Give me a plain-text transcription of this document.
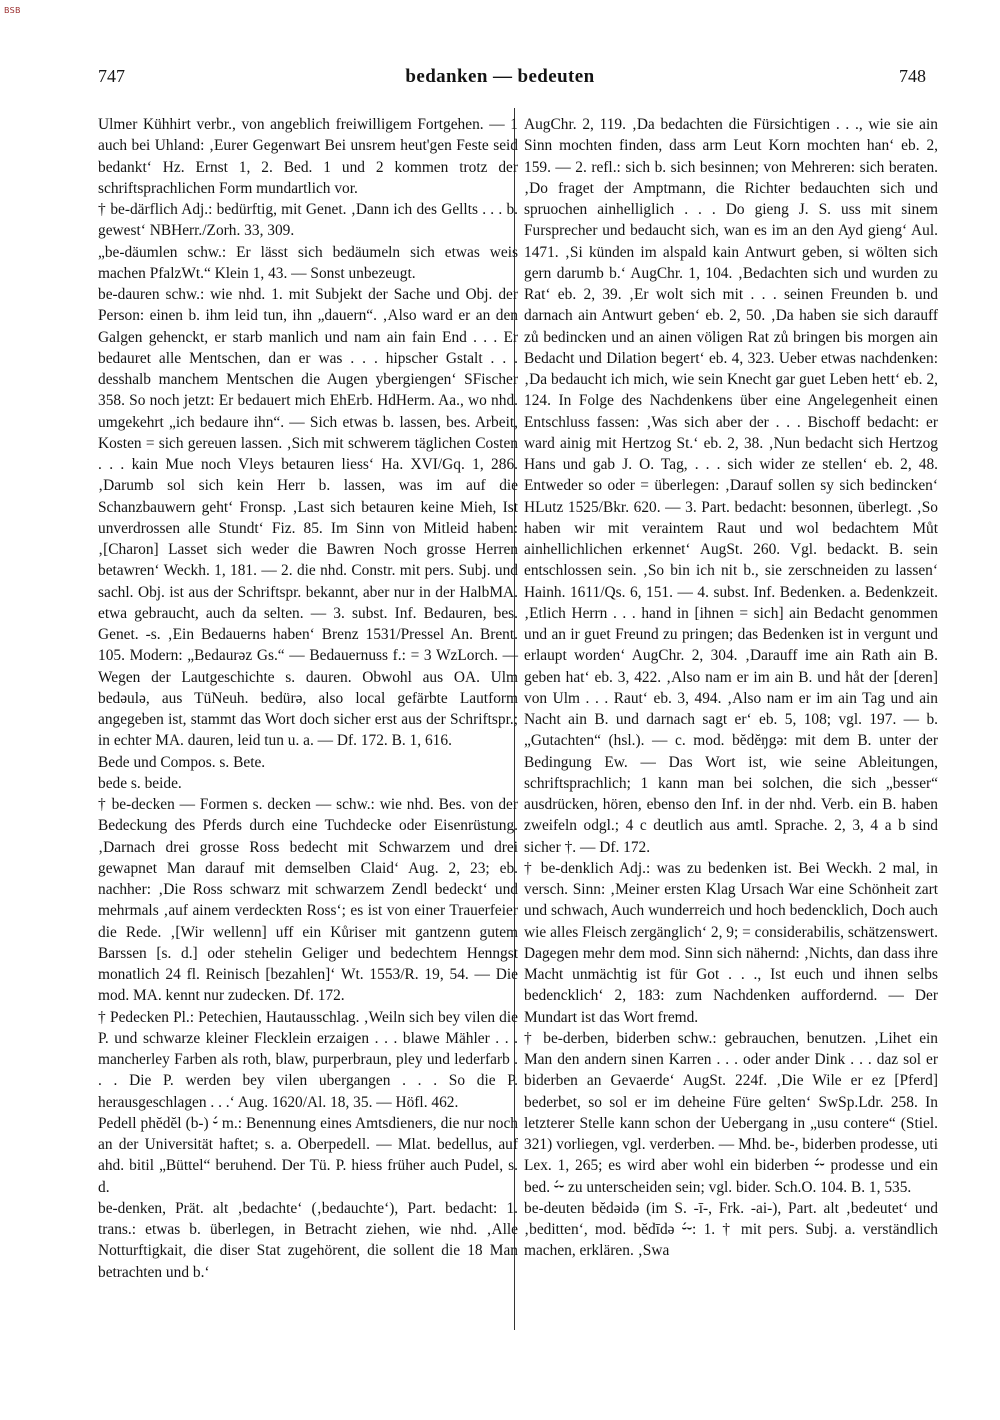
BSB
747	bedanken — bedeuten	748

Ulmer Kühhirt verbr., von angeblich freiwilligem Fortgehen. — 1 auch bei Uhland: ‚Eurer Gegenwart Bei unsrem heut'gen Feste seid bedankt‘ Hz. Ernst 1, 2. Bed. 1 und 2 kommen trotz der schriftsprachlichen Form mundartlich vor.

† be-därflich Adj.: bedürftig, mit Genet. ‚Dann ich des Gellts . . . b. gewest‘ NBHerr./Zorh. 33, 309.

„be-däumlen schw.: Er lässt sich bedäumeln sich etwas weis machen PfalzWt.“ Klein 1, 43. — Sonst unbezeugt.

be-dauren schw.: wie nhd. 1. mit Subjekt der Sache und Obj. der Person: einen b. ihm leid tun, ihn „dauern“. ‚Also ward er an den Galgen gehenckt, er starb manlich und nam ain fain End . . . Er bedauret alle Mentschen, dan er was . . . hipscher Gstalt . . . desshalb manchem Mentschen die Augen ybergiengen‘ SFischer 358. So noch jetzt: Er bedauert mich EhErb. HdHerm. Aa., wo nhd. umgekehrt „ich bedaure ihn“. — Sich etwas b. lassen, bes. Arbeit, Kosten = sich gereuen lassen. ‚Sich mit schwerem täglichen Costen . . . kain Mue noch Vleys betauren liess‘ Ha. XVI/Gq. 1, 286. ‚Darumb sol sich kein Herr b. lassen, was im auf die Schanzbauwern geht‘ Fronsp. ‚Last sich betauren keine Mieh, Ist unverdrossen alle Stundt‘ Fiz. 85. Im Sinn von Mitleid haben: ‚[Charon] Lasset sich weder die Bawren Noch grosse Herren betawren‘ Weckh. 1, 181. — 2. die nhd. Constr. mit pers. Subj. und sachl. Obj. ist aus der Schriftspr. bekannt, aber nur in der HalbMA. etwa gebraucht, auch da selten. — 3. subst. Inf. Bedauren, bes. Genet. -s. ‚Ein Bedauerns haben‘ Brenz 1531/Pressel An. Brent. 105. Modern: „Bedaurəz Gs.“ — Bedauernuss f.: = 3 WzLorch. — Wegen der Lautgeschichte s. dauren. Obwohl aus OA. Ulm bedəulə, aus TüNeuh. bedürə, also local gefärbte Lautform angegeben ist, stammt das Wort doch sicher erst aus der Schriftspr.; in echter MA. dauren, leid tun u. a. — Df. 172. B. 1, 616.

Bede und Compos. s. Bete.

bede s. beide.

† be-decken — Formen s. decken — schw.: wie nhd. Bes. von der Bedeckung des Pferds durch eine Tuchdecke oder Eisenrüstung. ‚Darnach drei grosse Ross bedecht mit Schwarzem und drei gewapnet Man darauf mit demselben Claid‘ Aug. 2, 23; eb. nachher: ‚Die Ross schwarz mit schwarzem Zendl bedeckt‘ und mehrmals ‚auf ainem verdeckten Ross‘; es ist von einer Trauerfeier die Rede. ‚[Wir wellenn] uff ein Kůriser mit gantzenn gutem Barssen [s. d.] oder stehelin Geliger und bedechtem Henngst monatlich 24 fl. Reinisch [bezahlen]‘ Wt. 1553/R. 19, 54. — Die mod. MA. kennt nur zudecken. Df. 172.

† Pedecken Pl.: Petechien, Hautausschlag. ‚Weiln sich bey vilen die P. und schwarze kleiner Flecklein erzaigen . . . blawe Mähler . . . mancherley Farben als roth, blaw, purperbraun, pley und lederfarb . . . Die P. werden bey vilen ubergangen . . . So die P. herausgeschlagen . . .‘ Aug. 1620/Al. 18, 35. — Höfl. 462.

Pedell phĕdĕl (b-) ⏑́ m.: Benennung eines Amtsdieners, die nur noch an der Universität haftet; s. a. Oberpedell. — Mlat. bedellus, auf ahd. bitil „Büttel“ beruhend. Der Tü. P. hiess früher auch Pudel, s. d.

be-denken, Prät. alt ‚bedachte‘ (‚bedauchte‘), Part. bedacht: 1. trans.: etwas b. überlegen, in Betracht ziehen, wie nhd. ‚Alle Notturftigkait, die diser Stat zugehörent, die sollent die 18 Man betrachten und b.‘

AugChr. 2, 119. ‚Da bedachten die Fürsichtigen . . ., wie sie ain Sinn mochten finden, dass arm Leut Korn mochten han‘ eb. 2, 159. — 2. refl.: sich b. sich besinnen; von Mehreren: sich beraten. ‚Do fraget der Amptmann, die Richter bedauchten sich und spruochen ainhelliglich . . . Do gieng J. S. uss mit sinem Fursprecher und bedaucht sich, wan es im an den Ayd gieng‘ Aul. 1471. ‚Si künden im alspald kain Antwurt geben, si wölten sich gern darumb b.‘ AugChr. 1, 104. ‚Bedachten sich und wurden zu Rat‘ eb. 2, 39. ‚Er wolt sich mit . . . seinen Freunden b. und darnach ain Antwurt geben‘ eb. 2, 50. ‚Da haben sie sich darauff zů bedincken und an ainen völigen Rat zů bringen bis morgen ain Bedacht und Dilation begert‘ eb. 4, 323. Ueber etwas nachdenken: ‚Da bedaucht ich mich, wie sein Knecht gar guet Leben hett‘ eb. 2, 124. In Folge des Nachdenkens über eine Angelegenheit einen Entschluss fassen: ‚Was sich aber der . . . Bischoff bedacht: er ward ainig mit Hertzog St.‘ eb. 2, 38. ‚Nun bedacht sich Hertzog Hans und gab J. O. Tag, . . . sich wider ze stellen‘ eb. 2, 48. Entweder so oder = überlegen: ‚Darauf sollen sy sich bedincken‘ HLutz 1525/Bkr. 620. — 3. Part. bedacht: besonnen, überlegt. ‚So haben wir mit veraintem Raut und wol bedachtem Můt ainhellichlichen erkennet‘ AugSt. 260. Vgl. bedackt. B. sein entschlossen sein. ‚So bin ich nit b., sie zerschneiden zu lassen‘ Hainh. 1611/Qs. 6, 151. — 4. subst. Inf. Bedenken. a. Bedenkzeit. ‚Etlich Herrn . . . hand in [ihnen = sich] ain Bedacht genommen und an ir guet Freund zu pringen; das Bedenken ist in vergunt und erlaupt worden‘ AugChr. 2, 304. ‚Darauff ime ain Rath ain B. geben hat‘ eb. 3, 422. ‚Also nam er im ain B. und håt der [deren] von Ulm . . . Raut‘ eb. 3, 494. ‚Also nam er im ain Tag und ain Nacht ain B. und darnach sagt er‘ eb. 5, 108; vgl. 197. — b. „Gutachten“ (hsl.). — c. mod. bĕdĕŋgə: mit dem B. unter der Bedingung Ew. — Das Wort ist, wie seine Ableitungen, schriftsprachlich; 1 kann man bei solchen, die sich „besser“ ausdrücken, hören, ebenso den Inf. in der nhd. Verb. ein B. haben zweifeln odgl.; 4 c deutlich aus amtl. Sprache. 2, 3, 4 a b sind sicher †. — Df. 172.

† be-denklich Adj.: was zu bedenken ist. Bei Weckh. 2 mal, in versch. Sinn: ‚Meiner ersten Klag Ursach War eine Schönheit zart und schwach, Auch wunderreich und hoch bedencklich, Doch auch wie alles Fleisch zergänglich‘ 2, 9; = considerabilis, schätzenswert. Dagegen mehr dem mod. Sinn sich nähernd: ‚Nichts, dan dass ihre Macht unmächtig ist für Got . . ., Ist euch und ihnen selbs bedencklich‘ 2, 183: zum Nachdenken auffordernd. — Der Mundart ist das Wort fremd.

† be-derben, biderben schw.: gebrauchen, benutzen. ‚Lihet ein Man den andern sinen Karren . . . oder ander Dink . . . daz sol er biderben an Gevaerde‘ AugSt. 224f. ‚Die Wile er ez [Pferd] bederbet, so sol er im deheine Füre gelten‘ SwSp.Ldr. 258. In letzterer Stelle kann schon der Uebergang in „usu contere“ (Stiel. 321) vorliegen, vgl. verderben. — Mhd. be-, biderben prodesse, uti Lex. 1, 265; es wird aber wohl ein biderben ⏑́⏑ prodesse und ein bed. ⏑́⏑ zu unterscheiden sein; vgl. bider. Sch.O. 104. B. 1, 535.

be-deuten bĕdəidə (im S. -ī-, Frk. -ai-), Part. alt ‚bedeutet‘ und ‚beditten‘, mod. bĕdīdə ⏑́⏑: 1. † mit pers. Subj. a. verständlich machen, erklären. ‚Swa
